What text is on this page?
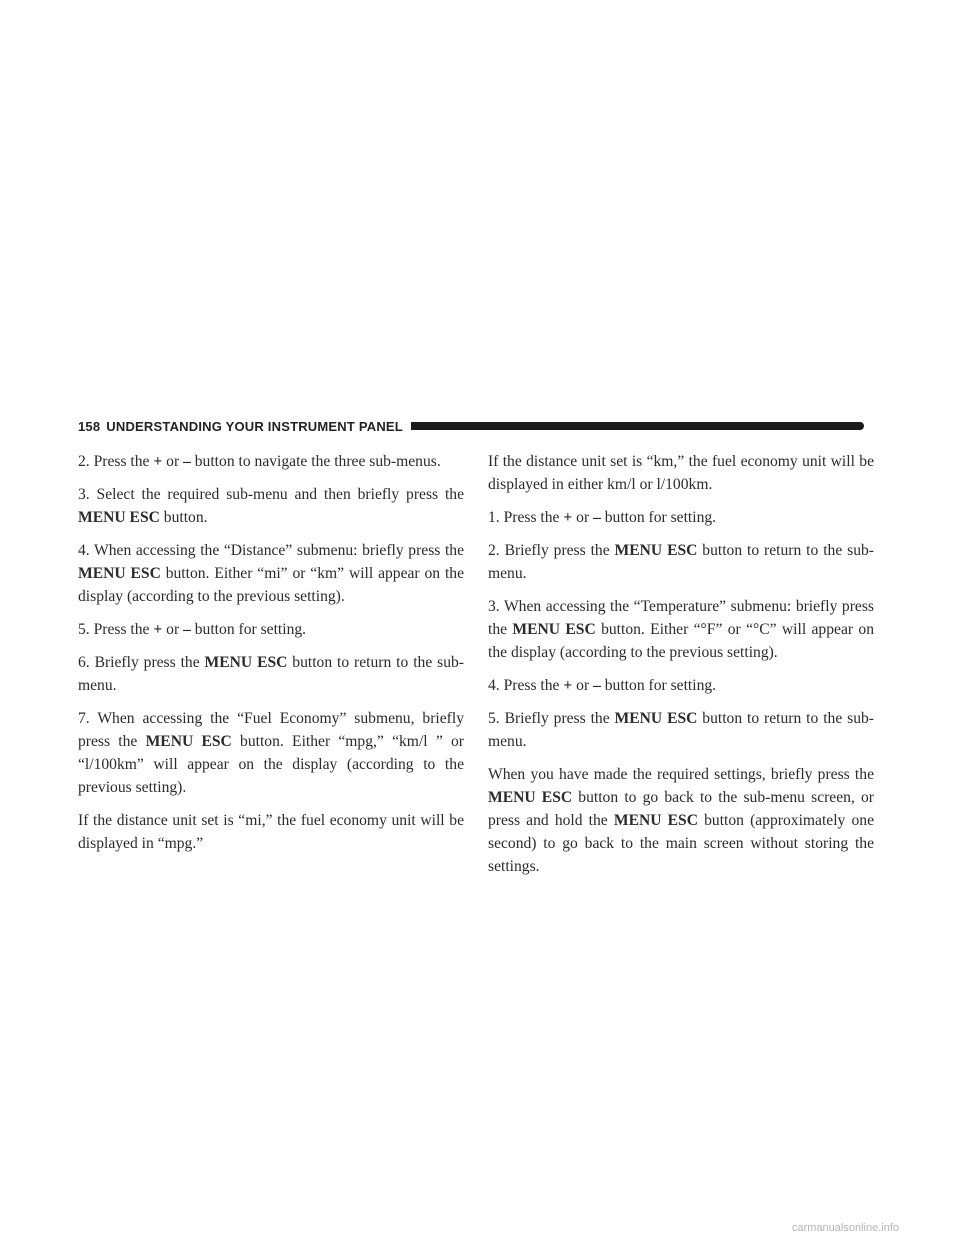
158 UNDERSTANDING YOUR INSTRUMENT PANEL

2. Press the + or – button to navigate the three sub-menus.

3. Select the required sub-menu and then briefly press the MENU ESC button.

4. When accessing the “Distance” submenu: briefly press the MENU ESC button. Either “mi” or “km” will appear on the display (according to the previous setting).

5. Press the + or – button for setting.

6. Briefly press the MENU ESC button to return to the sub-menu.

7. When accessing the “Fuel Economy” submenu, briefly press the MENU ESC button. Either “mpg,” “km/l ” or “l/100km” will appear on the display (according to the previous setting).

If the distance unit set is “mi,” the fuel economy unit will be displayed in “mpg.”

If the distance unit set is “km,” the fuel economy unit will be displayed in either km/l or l/100km.

1. Press the + or – button for setting.

2. Briefly press the MENU ESC button to return to the sub-menu.

3. When accessing the “Temperature” submenu: briefly press the MENU ESC button. Either “°F” or “°C” will appear on the display (according to the previous setting).

4. Press the + or – button for setting.

5. Briefly press the MENU ESC button to return to the sub-menu.

When you have made the required settings, briefly press the MENU ESC button to go back to the sub-menu screen, or press and hold the MENU ESC button (approximately one second) to go back to the main screen without storing the settings.

carmanualsonline.info
